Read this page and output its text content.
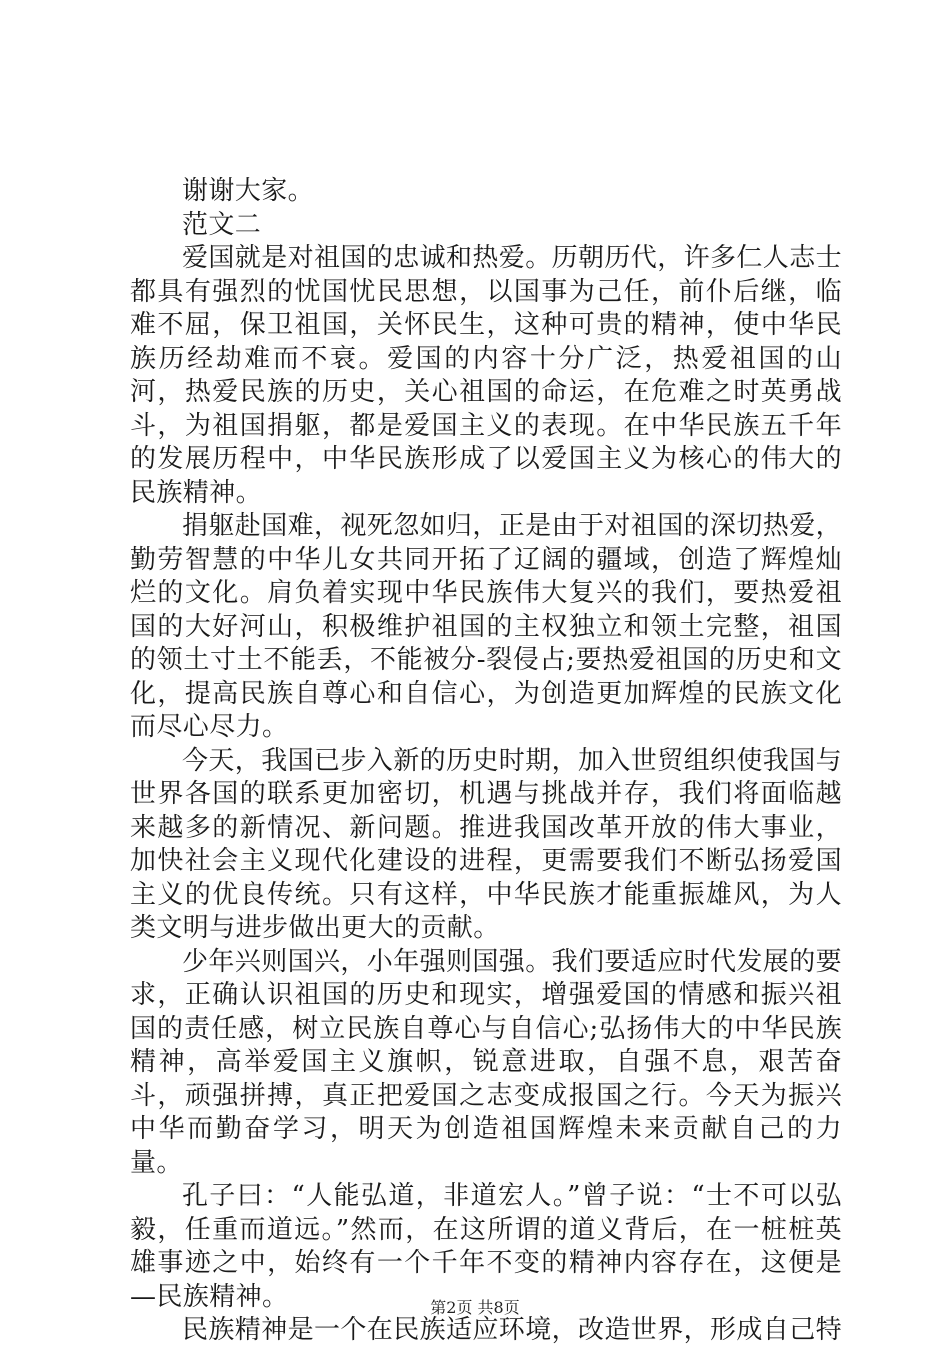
谢谢大家。

范文二

爱国就是对祖国的忠诚和热爱。历朝历代，许多仁人志士都具有强烈的忧国忧民思想，以国事为己任，前仆后继，临难不屈，保卫祖国，关怀民生，这种可贵的精神，使中华民族历经劫难而不衰。爱国的内容十分广泛，热爱祖国的山河，热爱民族的历史，关心祖国的命运，在危难之时英勇战斗，为祖国捐躯，都是爱国主义的表现。在中华民族五千年的发展历程中，中华民族形成了以爱国主义为核心的伟大的民族精神。

捐躯赴国难，视死忽如归，正是由于对祖国的深切热爱，勤劳智慧的中华儿女共同开拓了辽阔的疆域，创造了辉煌灿烂的文化。肩负着实现中华民族伟大复兴的我们，要热爱祖国的大好河山，积极维护祖国的主权独立和领土完整，祖国的领土寸土不能丢，不能被分-裂侵占;要热爱祖国的历史和文化，提高民族自尊心和自信心，为创造更加辉煌的民族文化而尽心尽力。

今天，我国已步入新的历史时期，加入世贸组织使我国与世界各国的联系更加密切，机遇与挑战并存，我们将面临越来越多的新情况、新问题。推进我国改革开放的伟大事业，加快社会主义现代化建设的进程，更需要我们不断弘扬爱国主义的优良传统。只有这样，中华民族才能重振雄风，为人类文明与进步做出更大的贡献。

少年兴则国兴，小年强则国强。我们要适应时代发展的要求，正确认识祖国的历史和现实，增强爱国的情感和振兴祖国的责任感，树立民族自尊心与自信心;弘扬伟大的中华民族精神，高举爱国主义旗帜，锐意进取，自强不息，艰苦奋斗，顽强拼搏，真正把爱国之志变成报国之行。今天为振兴中华而勤奋学习，明天为创造祖国辉煌未来贡献自己的力量。

孔子曰：“人能弘道，非道宏人。”曾子说：“士不可以弘毅，任重而道远。”然而，在这所谓的道义背后，在一桩桩英雄事迹之中，始终有一个千年不变的精神内容存在，这便是—民族精神。

民族精神是一个在民族适应环境，改造世界，形成自己特

第2页 共8页
